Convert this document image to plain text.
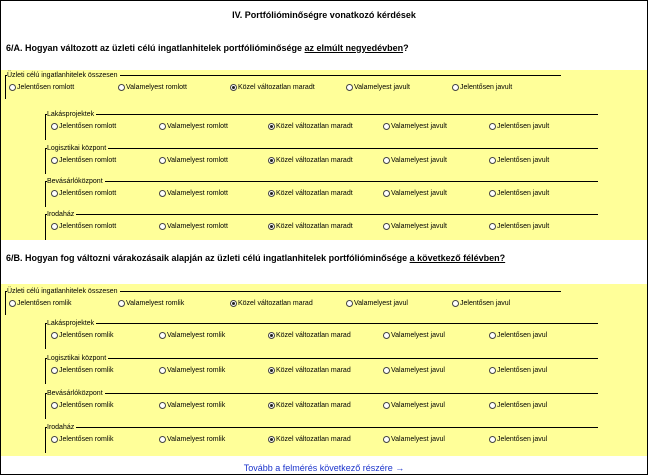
IV. Portfólióminőségre vonatkozó kérdések
6/A. Hogyan változott az üzleti célú ingatlanhitelek portfólióminősége az elmúlt negyedévben?
Üzleti célú ingatlanhitelek összesen
Jelentősen romlott	Valamelyest romlott	Közel változatlan maradt	Valamelyest javult	Jelentősen javult
Lakásprojektek
Jelentősen romlott	Valamelyest romlott	Közel változatlan maradt	Valamelyest javult	Jelentősen javult
Logisztikai központ
Jelentősen romlott	Valamelyest romlott	Közel változatlan maradt	Valamelyest javult	Jelentősen javult
Bevásárlóközpont
Jelentősen romlott	Valamelyest romlott	Közel változatlan maradt	Valamelyest javult	Jelentősen javult
Irodaház
Jelentősen romlott	Valamelyest romlott	Közel változatlan maradt	Valamelyest javult	Jelentősen javult
6/B. Hogyan fog változni várakozásaik alapján az üzleti célú ingatlanhitelek portfólióminősége a következő félévben?
Üzleti célú ingatlanhitelek összesen
Jelentősen romlik	Valamelyest romlik	Közel változatlan marad	Valamelyest javul	Jelentősen javul
Lakásprojektek
Jelentősen romlik	Valamelyest romlik	Közel változatlan marad	Valamelyest javul	Jelentősen javul
Logisztikai központ
Jelentősen romlik	Valamelyest romlik	Közel változatlan marad	Valamelyest javul	Jelentősen javul
Bevásárlóközpont
Jelentősen romlik	Valamelyest romlik	Közel változatlan marad	Valamelyest javul	Jelentősen javul
Irodaház
Jelentősen romlik	Valamelyest romlik	Közel változatlan marad	Valamelyest javul	Jelentősen javul
Tovább a felmérés következő részére →
